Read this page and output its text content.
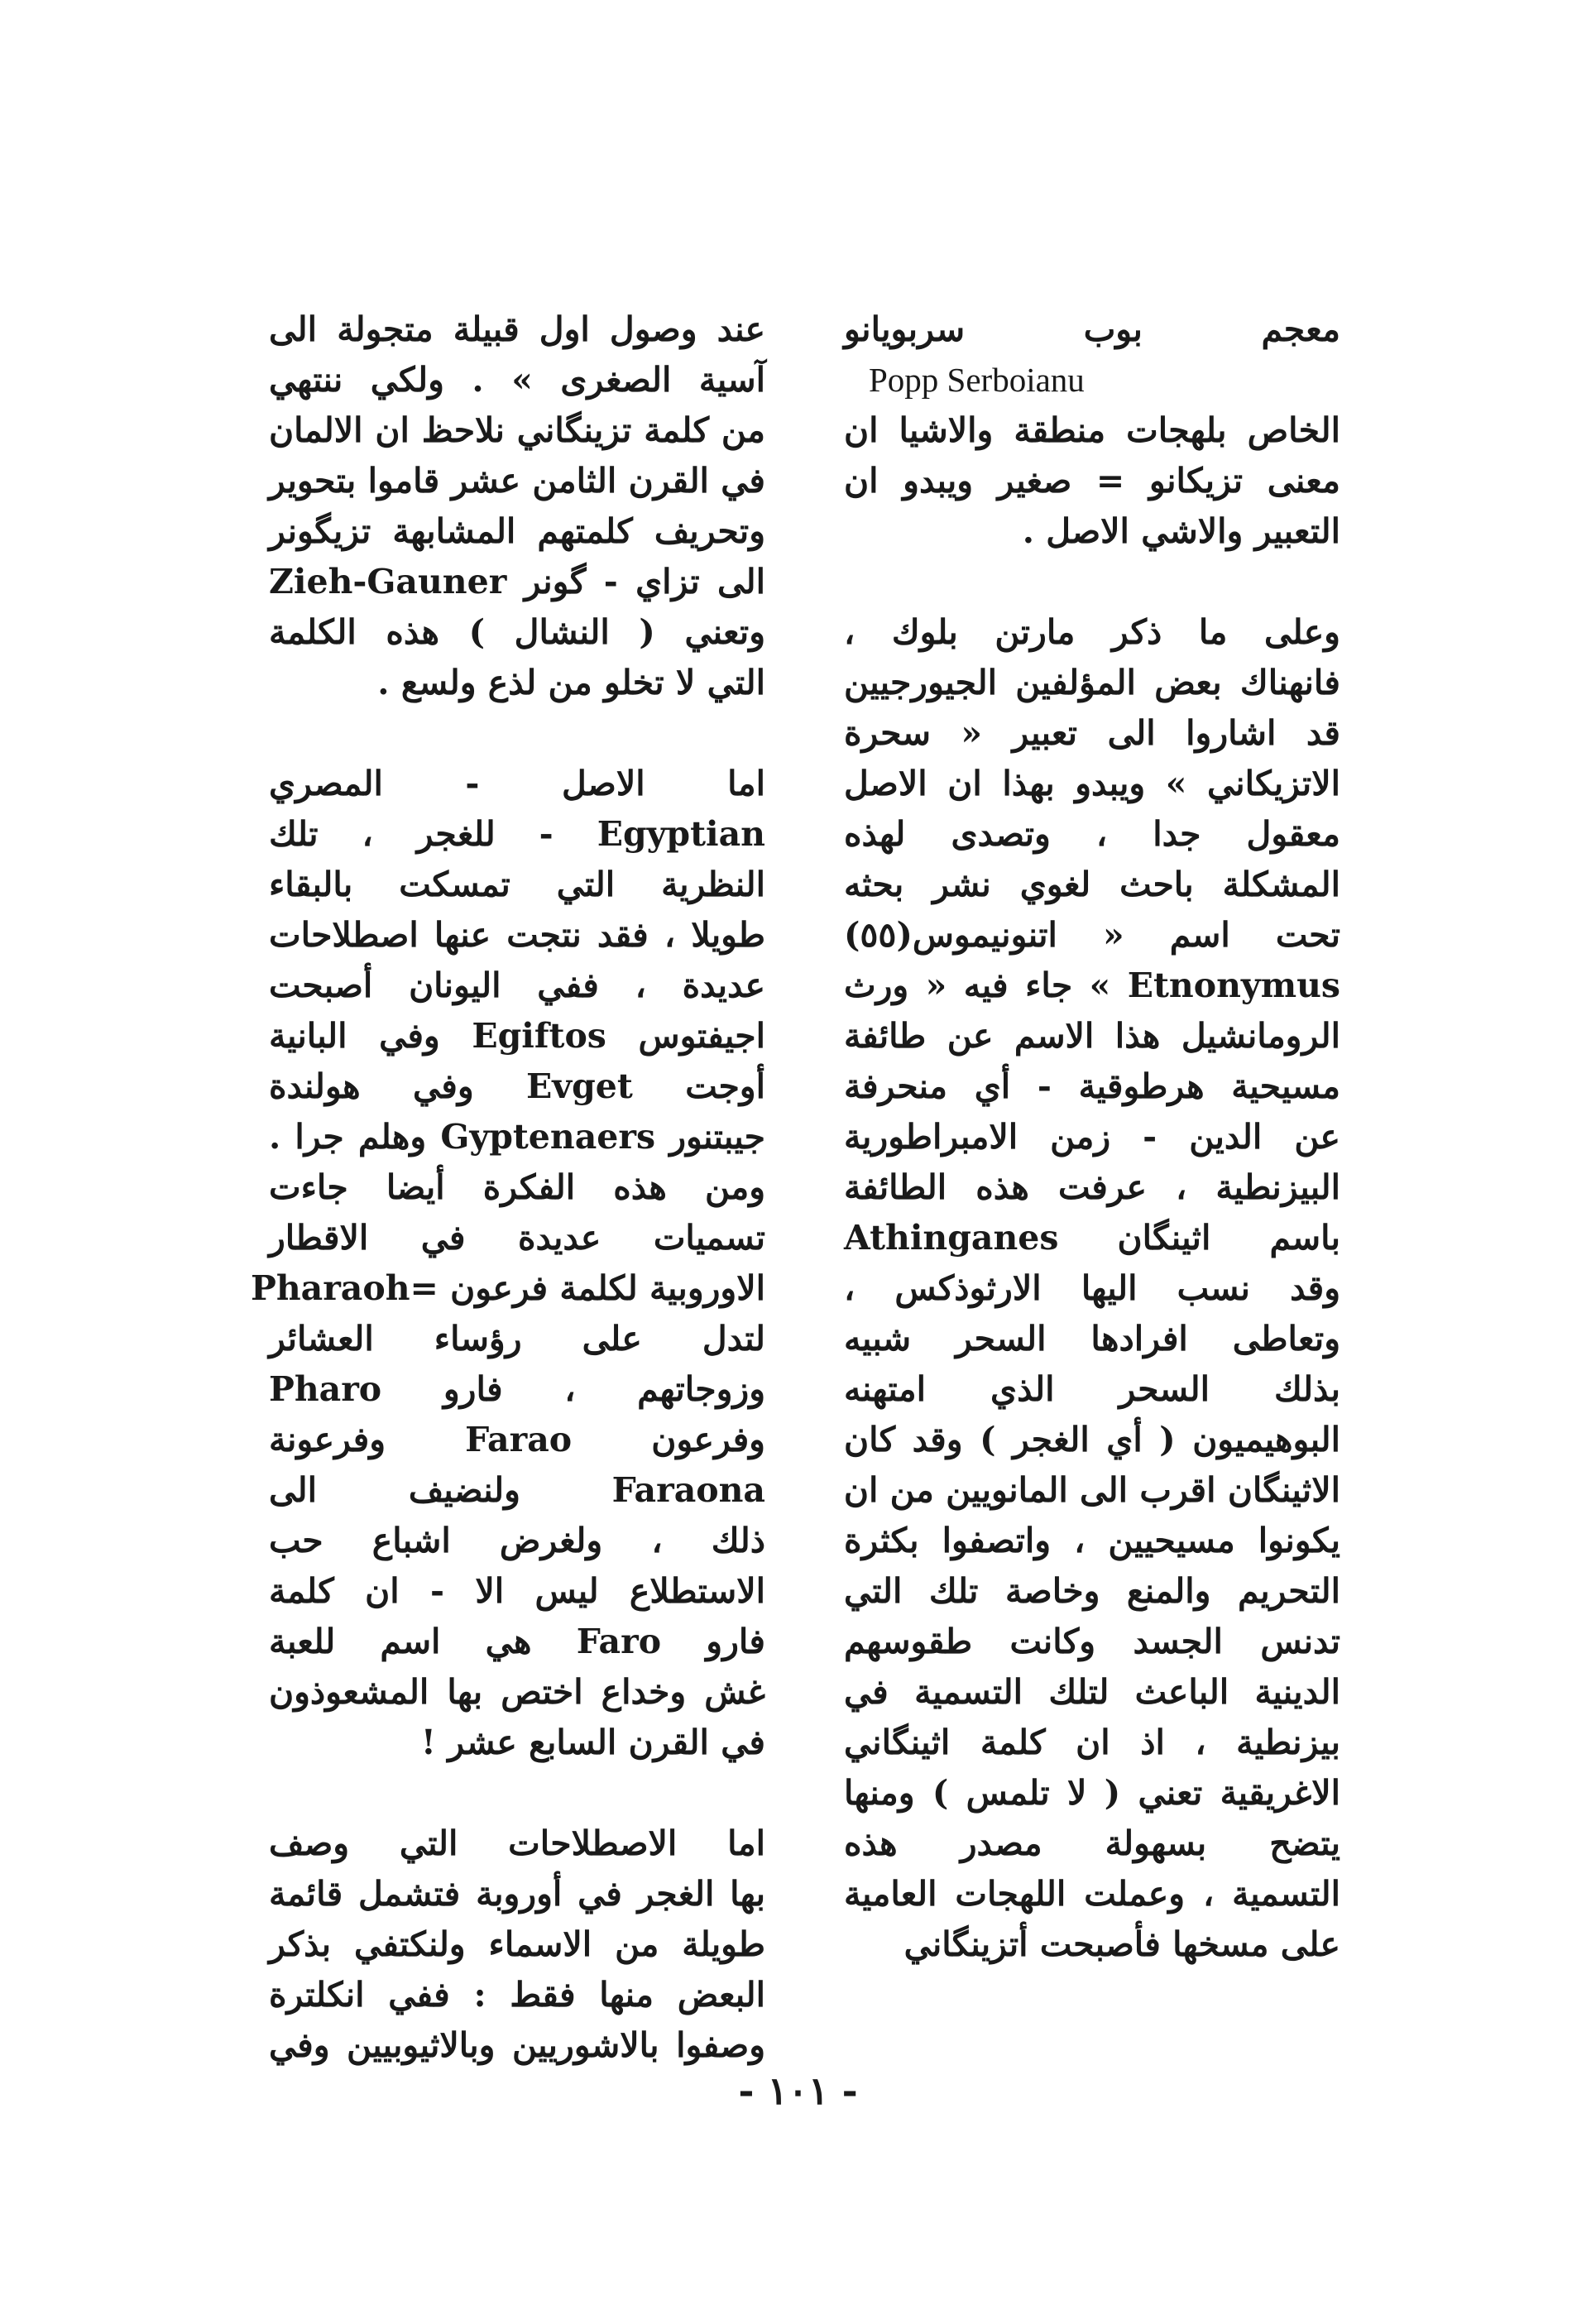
معجم بوب سربويانو
Popp Serboianu
الخاص بلهجات منطقة والاشيا ان
معنى تزيكانو = صغير ويبدو ان
التعبير والاشي الاصل .
وعلى ما ذكر مارتن بلوك ،
فانهناك بعض المؤلفين الجيورجيين
قد اشاروا الى تعبير « سحرة
الاتزيكاني » ويبدو بهذا ان الاصل
معقول جدا ، وتصدى لهذه
المشكلة باحث لغوي نشر بحثه
تحت اسم « اتنونيموس(٥٥)
Etnonymus » جاء فيه « ورث
الرومانشيل هذا الاسم عن طائفة
مسيحية هرطوقية - أي منحرفة
عن الدين - زمن الامبراطورية
البيزنطية ، عرفت هذه الطائفة
باسم اثينگان Athinganes
وقد نسب اليها الارثوذكس ،
وتعاطى افرادها السحر شبيه
بذلك السحر الذي امتهنه
البوهيميون ( أي الغجر ) وقد كان
الاثينگان اقرب الى المانويين من ان
يكونوا مسيحيين ، واتصفوا بكثرة
التحريم والمنع وخاصة تلك التي
تدنس الجسد وكانت طقوسهم
الدينية الباعث لتلك التسمية في
بيزنطية ، اذ ان كلمة اثينگاني
الاغريقية تعني ( لا تلمس ) ومنها
يتضح بسهولة مصدر هذه
التسمية ، وعملت اللهجات العامية
على مسخها فأصبحت أتزينگاني
عند وصول اول قبيلة متجولة الى
آسية الصغرى » . ولكي ننتهي
من كلمة تزينگاني نلاحظ ان الالمان
في القرن الثامن عشر قاموا بتحوير
وتحريف كلمتهم المشابهة تزيگونر
الى تزاي - گونر Zieh-Gauner
وتعني ( النشال ) هذه الكلمة
التي لا تخلو من لذع ولسع .
اما الاصل - المصري
Egyptian - للغجر ، تلك
النظرية التي تمسكت بالبقاء
طويلا ، فقد نتجت عنها اصطلاحات
عديدة ، ففي اليونان أصبحت
اجيفتوس Egiftos وفي البانية
أوجت Evget وفي هولندة
جيبتنور Gyptenaers وهلم جرا .
ومن هذه الفكرة أيضا جاءت
تسميات عديدة في الاقطار
الاوروبية لكلمة فرعون =Pharaoh
لتدل على رؤساء العشائر
وزوجاتهم ، فارو Pharo
وفرعون Farao وفرعونة
Faraona ولنضيف الى
ذلك ، ولغرض اشباع حب
الاستطلاع ليس الا - ان كلمة
فارو Faro هي اسم للعبة
غش وخداع اختص بها المشعوذون
في القرن السابع عشر !
اما الاصطلاحات التي وصف
بها الغجر في أوروبة فتشمل قائمة
طويلة من الاسماء ولنكتفي بذكر
البعض منها فقط : ففي انكلترة
وصفوا بالاشوريين وبالاثيوبيين وفي
- ١٠١ -
